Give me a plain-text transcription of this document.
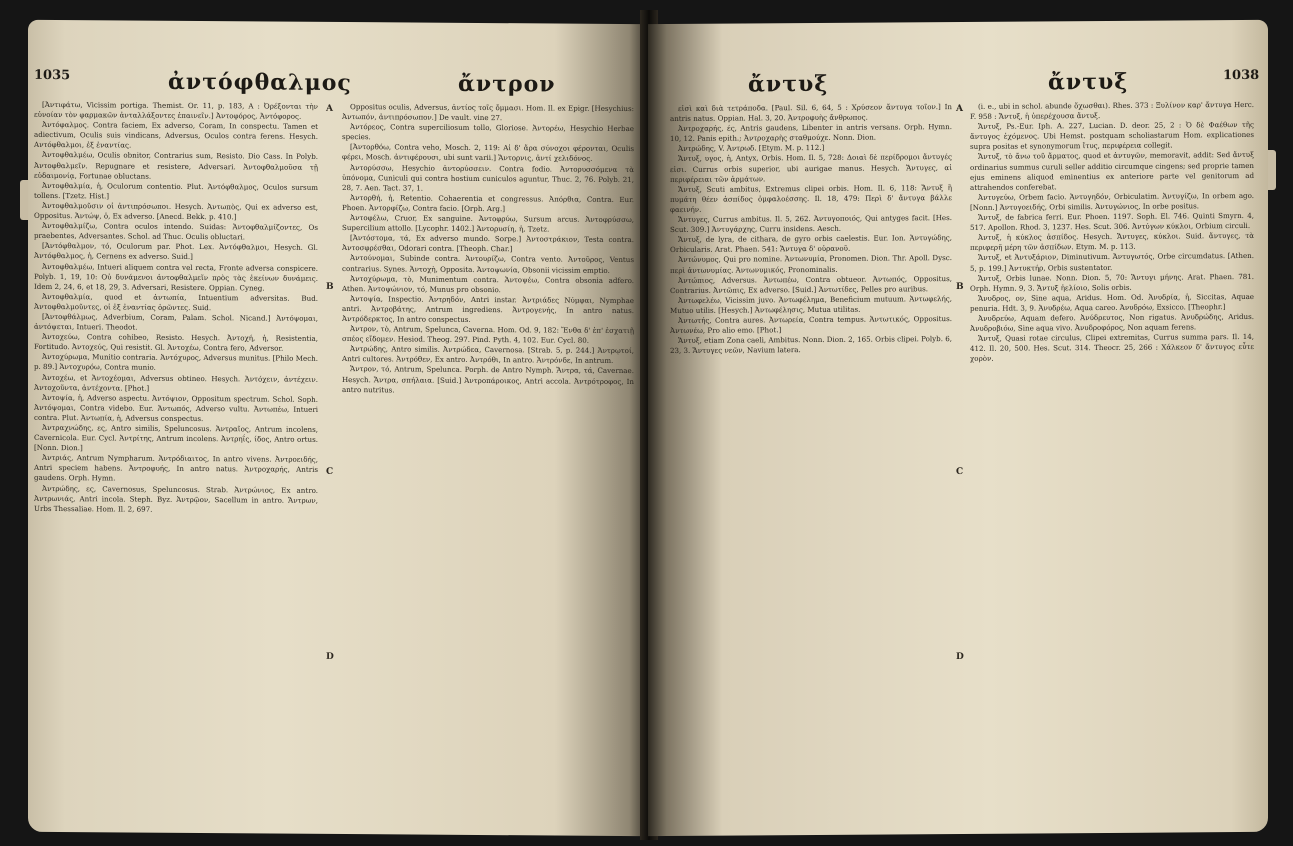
1035	ἀντόφθαλμος	ἄντρον

[Ἀντιφάτω, Vicissim portiga. Themist. Or. 11, p. 183, A : Ὀρέξονται τὴν εὐνοίαν τὸν φαρμακῶν ἀνταλλάξοντες ἐπαινεῖν.] Ἀντοφόρος, Ἀντόφορος.

Ἀντόφαλμος. Contra faciem, Ex adverso, Coram, In conspectu. Tamen et adiectivum, Oculis suis vindicans, Adversus, Oculos contra ferens. Hesych. Αντόφθαλμοι, ἐξ ἐναντίας.

Ἀντοφθαλμέω, Oculis obnitor, Contrarius sum, Resisto. Dio Cass. In Polyb. Ἀντοφθαλμεῖν. Repugnare et resistere, Adversari. Ἀντοφθαλμοῦσα τῇ εὐδαιμονίᾳ, Fortunae obluctans.

Ἀντοφθαλμία, ἡ, Oculorum contentio. Plut. Ἀντόφθαλμος, Oculos sursum tollens. [Tzetz. Hist.]

Ἀντοφθαλμοῦσιν οἱ ἀντιπρόσωποι. Hesych. Ἀντωπὸς, Qui ex adverso est, Oppositus. Ἀντώψ, ὁ, Ex adverso. [Anecd. Bekk. p. 410.]

Ἀντοφθαλμίζω, Contra oculos intendo. Suidas: Ἀντοφθαλμίζοντες, Os praebentes, Adversantes. Schol. ad Thuc. Oculis obluctari.

[Ἀντόφθαλμον, τό, Oculorum par. Phot. Lex. Ἀντόφθαλμοι, Hesych. Gl. Ἀντόφθαλμος, ἡ, Cernens ex adverso. Suid.]

Ἀντοφθαλμέω, Intueri aliquem contra vel recta, Fronte adversa conspicere. Polyb. 1, 19, 10: Οὐ δυνάμενοι ἀντοφθαλμεῖν πρὸς τὰς ἐκείνων δυνάμεις. Idem 2, 24, 6, et 18, 29, 3. Adversari, Resistere. Oppian. Cyneg.

Ἀντοφθαλμία, quod et ἀντωπία, Intuentium adversitas. Bud. Ἀντοφθαλμοῦντες, οἱ ἐξ ἐναντίας ὁρῶντες. Suid.

[Ἀντοφθάλμως, Adverbium, Coram, Palam. Schol. Nicand.] Ἀντόψομαι, ἀντόψεται, Intueri. Theodot.

Ἀντοχεύω, Contra cohibeo, Resisto. Hesych. Ἀντοχή, ἡ, Resistentia, Fortitudo. Ἀντοχεύς, Qui resistit. Gl. Ἀντοχέω, Contra fero, Adversor.

Ἀντοχύρωμα, Munitio contraria. Ἀντόχυρος, Adversus munitus. [Philo Mech. p. 89.] Ἀντοχυρόω, Contra munio.

Ἀντοχέω, et Ἀντοχέομαι, Adversus obtineo. Hesych. Ἀντόχειν, ἀντέχειν. Ἀντοχοῦντα, ἀντέχοντα. [Phot.]

Ἀντοψία, ἡ, Adverso aspectu. Ἀντόψιον, Oppositum spectrum. Schol. Soph. Ἀντόψομαι, Contra videbo. Eur. Ἀντωπός, Adverso vultu. Ἀντωπέω, Intueri contra. Plut. Ἀντωπία, ἡ, Adversus conspectus.

Ἀντραχνώδης, ες, Antro similis, Speluncosus. Ἀντραῖος, Antrum incolens, Cavernicola. Eur. Cycl. Ἀντρίτης, Antrum incolens. Ἀντρηΐς, ίδος, Antro ortus. [Nonn. Dion.]

Ἀντριάς, Antrum Nympharum. Ἀντρόδιαιτος, In antro vivens. Ἀντροειδής, Antri speciem habens. Ἀντροφυής, In antro natus. Ἀντροχαρής, Antris gaudens. Orph. Hymn.

Ἀντρώδης, ες, Cavernosus, Speluncosus. Strab. Ἀντρώνιος, Ex antro. Ἀντρωνιάς, Antri incola. Steph. Byz. Ἀντρῷον, Sacellum in antro. Ἄντρων, Urbs Thessaliae. Hom. Il. 2, 697.

Oppositus oculis, Adversus, ἀντίος τοῖς ὄμμασι. Hom. Il. ex Epigr. [Hesychius: Ἀντωπόν, ἀντιπρόσωπον.] De vault. vine 27.

Ἀντόρεος, Contra superciliosum tollo, Gloriose. Ἀντορέω, Hesychio Herbae species.

[Ἀντορθόω, Contra veho, Mosch. 2, 119: Αἰ δ' ἄρα σύνοχοι φέρονται, Oculis φέρει, Mosch. ἀντιφέρουσι, ubi sunt varii.] Ἄντορνις, ἀντί χελιδόνος.

Ἀντορύσσω, Hesychio ἀντορύσσειν. Contra fodio. Ἀντορυσσόμενα τὰ ὑπόνομα, Cuniculi qui contra hostium cuniculos aguntur, Thuc. 2, 76. Polyb. 21, 28, 7. Aen. Tact. 37, 1.

Ἀντορθή, ἡ, Retentio. Cohaerentia et congressus. Ἀπόρθια, Contra. Eur. Phoen. Ἀντορφίζω, Contra facio. [Orph. Arg.]

Ἀντοφέλω, Cruor, Ex sanguine. Ἀντοφρύω, Sursum arcus. Ἀντοφρύσσω, Supercilium attollo. [Lycophr. 1402.] Ἀντορυσίη, ἡ, Tzetz.

[Ἀντόστομα, τά, Ex adverso mundo. Sorpe.] Ἀντοστράκιον, Testa contra. Ἀντοσφρέσθαι, Odorari contra. [Theoph. Char.]

Ἀντούνομαι, Subinde contra. Ἀντουρίζω, Contra vento. Ἀντοῦρος, Ventus contrarius. Synes. Ἀντοχὴ, Opposita. Ἀντοψωνία, Obsonii vicissim emptio.

Ἀντοχύρωμα, τὸ, Munimentum contra. Ἀντοψέω, Contra obsonia adfero. Athen. Ἀντοψώνιον, τό, Munus pro obsonio.

Ἀντοψία, Inspectio. Ἀντρηδόν, Antri instar. Ἀντριάδες Νύμφαι, Nymphae antri. Ἀντροβάτης, Antrum ingrediens. Ἀντρογενής, In antro natus. Ἀντρόδερκτος, In antro conspectus.

Ἀντρον, τὸ, Antrum, Spelunca, Caverna. Hom. Od. 9, 182: Ἔνθα δ' ἐπ' ἐσχατιῇ σπέος εἴδομεν. Hesiod. Theog. 297. Pind. Pyth. 4, 102. Eur. Cycl. 80.

Ἀντρώδης, Antro similis. Ἀντρώδεα, Cavernosa. [Strab. 5, p. 244.] Ἀντρῳτοί, Antri cultores. Ἀντρόθεν, Ex antro. Ἀντρόθι, In antro. Ἀντρόνδε, In antrum.

Ἄντρον, τό, Antrum, Spelunca. Porph. de Antro Nymph. Ἄντρα, τά, Cavernae. Hesych. Ἄντρα, σπήλαια. [Suid.] Ἀντροπάροικος, Antri accola. Ἀντρότροφος, In antro nutritus.

A
B
C
D
ἄντυξ	ἄντυξ	1038

εἰσὶ καὶ διὰ τετράποδα. [Paul. Sil. 6, 64, 5 : Χρύσεον ἄντυγα τοῖον.] In antris natus. Oppian. Hal. 3, 20. Ἀντροφυὴς ἄνθρωπος.

Ἀντροχαρής, ές, Antris gaudens, Libenter in antris versans. Orph. Hymn. 10, 12. Panis epith.; Ἀντροχαρὴς σταθμούχε. Nonn. Dion.

Ἀντρώδης, V. Ἀντρωδ. [Etym. M. p. 112.]

Ἄντυξ, υγος, ἡ, Antyx, Orbis. Hom. Il. 5, 728: Δοιαὶ δὲ περίδρομοι ἄντυγές εἰσι. Currus orbis superior, ubi aurigae manus. Hesych. Ἄντυγες, αἱ περιφέρειαι τῶν ἁρμάτων.

Ἄντυξ, Scuti ambitus, Extremus clipei orbis. Hom. Il. 6, 118: Ἄντυξ ἣ πυμάτη θέεν ἀσπίδος ὀμφαλοέσσης. Il. 18, 479: Περὶ δ' ἄντυγα βάλλε φαεινήν.

Ἄντυγες, Currus ambitus. Il. 5, 262. Ἀντυγοποιός, Qui antyges facit. [Hes. Scut. 309.] Ἀντυγάρχης, Curru insidens. Aesch.

Ἄντυξ, de lyra, de cithara, de gyro orbis caelestis. Eur. Ion. Ἀντυγώδης, Orbicularis. Arat. Phaen. 541: Ἄντυγα δ' οὐρανοῦ.

Ἀντώνυμος, Qui pro nomine. Ἀντωνυμία, Pronomen. Dion. Thr. Apoll. Dysc. περὶ ἀντωνυμίας. Ἀντωνυμικός, Pronominalis.

Ἀντώπιος, Adversus. Ἀντωπέω, Contra obtueor. Ἀντωπός, Oppositus, Contrarius. Ἀντῶπις, Ex adverso. [Suid.] Ἀντωτίδες, Pelles pro auribus.

Ἀντωφελέω, Vicissim juvo. Ἀντωφέλημα, Beneficium mutuum. Ἀντωφελής, Mutuo utilis. [Hesych.] Ἀντωφέλησις, Mutua utilitas.

Ἀντωτής, Contra aures. Ἀντωρεία, Contra tempus. Ἀντωτικός, Oppositus. Ἀντωνέω, Pro alio emo. [Phot.]

Ἄντυξ, etiam Zona caeli, Ambitus. Nonn. Dion. 2, 165. Orbis clipei. Polyb. 6, 23, 3. Ἄντυγες νεῶν, Navium latera.

(i. e., ubi in schol. abunde ὄχωσθαι). Rhes. 373 : Ξυλίνον καρ' ἄντυγα Herc. F. 958 : Ἄντυξ, ἡ ὑπερέχουσα ἄντυξ.

Ἄντυξ, Ps.-Eur. Iph. A. 227, Lucian. D. deor. 25, 2 : Ὁ δὲ Φαέθων τῆς ἄντυγος ἐχόμενος. Ubi Hemst. postquam scholiastarum Hom. explicationes supra positas et synonymorum ἴτυς, περιφέρεια collegit.

Ἄντυξ, τὸ ἄνω τοῦ ἅρματος, quod et ἀντυγῶν, memoravit, addit: Sed ἄντυξ ordinarius summus curuli seller additio circumque cingens; sed proprie tamen ejus eminens aliquod eminentius ex anteriore parte vel genitorum ad attrahendos conferebat.

Ἀντυγεύω, Orbem facio. Ἀντυγηδόν, Orbiculatim. Ἀντυγίζω, In orbem ago. [Nonn.] Ἀντυγοειδής, Orbi similis. Ἀντυγώνιος, In orbe positus.

Ἄντυξ, de fabrica ferri. Eur. Phoen. 1197. Soph. El. 746. Quinti Smyrn. 4, 517. Apollon. Rhod. 3, 1237. Hes. Scut. 306. Ἀντύγων κύκλοι, Orbium circuli.

Ἀντυξ, ἡ κύκλος ἀσπίδος. Hesych. Ἄντυγες, κύκλοι. Suid. ἄντυγες, τὰ περιφερῆ μέρη τῶν ἀσπίδων. Etym. M. p. 113.

Ἄντυξ, et Ἀντυξάριον, Diminutivum. Ἀντυγωτός, Orbe circumdatus. [Athen. 5, p. 199.] Ἀντυκτήρ, Orbis sustentator.

Ἄντυξ, Orbis lunae. Nonn. Dion. 5, 70: Ἄντυγι μήνης. Arat. Phaen. 781. Orph. Hymn. 9, 3. Ἄντυξ ἠελίοιο, Solis orbis.

Ἄνυδρος, ον, Sine aqua, Aridus. Hom. Od. Ἀνυδρία, ἡ, Siccitas, Aquae penuria. Hdt. 3, 9. Ἀνυδρέω, Aqua careo. Ἀνυδρόω, Exsicco. [Theophr.]

Ἀνυδρεύω, Aquam defero. Ἀνύδρευτος, Non rigatus. Ἀνυδρώδης, Aridus. Ἀνυδροβιόω, Sine aqua vivo. Ἀνυδροφόρος, Non aquam ferens.

Ἄντυξ, Quasi rotae circulus, Clipei extremitas, Currus summa pars. Il. 14, 412. Il. 20, 500. Hes. Scut. 314. Theocr. 25, 266 : Χάλκεον δ' ἄντυγος εὖτε χορὸν.

A
B
C
D
